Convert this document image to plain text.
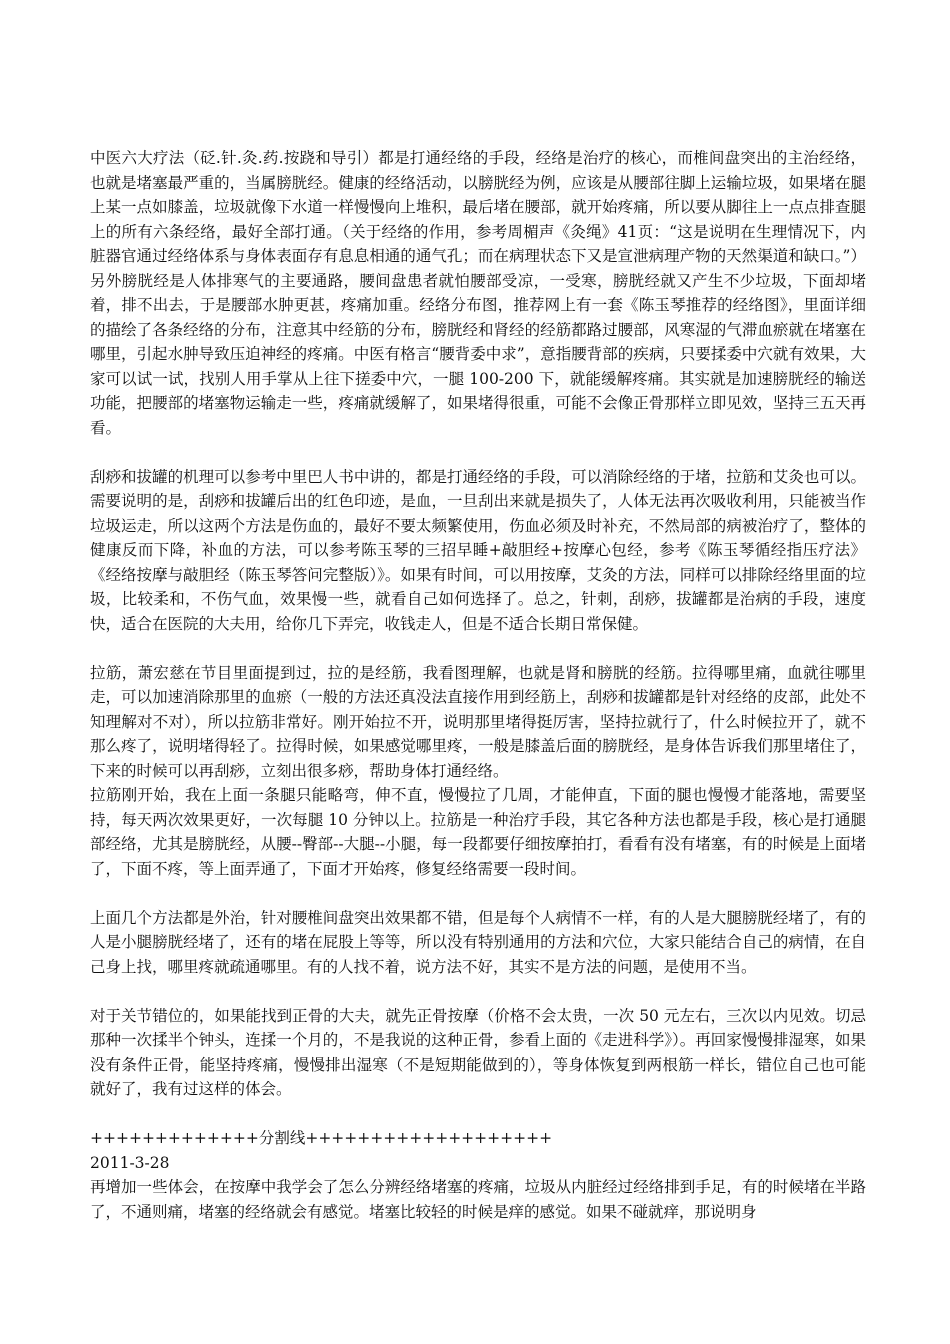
中医六大疗法（砭.针.灸.药.按跷和导引）都是打通经络的手段，经络是治疗的核心，而椎间盘突出的主治经络，也就是堵塞最严重的，当属膀胱经。健康的经络活动，以膀胱经为例，应该是从腰部往脚上运输垃圾，如果堵在腿上某一点如膝盖，垃圾就像下水道一样慢慢向上堆积，最后堵在腰部，就开始疼痛，所以要从脚往上一点点排查腿上的所有六条经络，最好全部打通。（关于经络的作用，参考周楣声《灸绳》41页：“这是说明在生理情况下，内脏器官通过经络体系与身体表面存有息息相通的通气孔；而在病理状态下又是宣泄病理产物的天然渠道和缺口。”）另外膀胱经是人体排寒气的主要通路，腰间盘患者就怕腰部受凉，一受寒，膀胱经就又产生不少垃圾，下面却堵着，排不出去，于是腰部水肿更甚，疼痛加重。经络分布图，推荐网上有一套《陈玉琴推荐的经络图》，里面详细的描绘了各条经络的分布，注意其中经筋的分布，膀胱经和肾经的经筋都路过腰部，风寒湿的气滞血瘀就在堵塞在哪里，引起水肿导致压迫神经的疼痛。中医有格言“腰背委中求”，意指腰背部的疾病，只要揉委中穴就有效果，大家可以试一试，找别人用手掌从上往下搓委中穴，一腿 100-200 下，就能缓解疼痛。其实就是加速膀胱经的输送功能，把腰部的堵塞物运输走一些，疼痛就缓解了，如果堵得很重，可能不会像正骨那样立即见效，坚持三五天再看。

刮痧和拔罐的机理可以参考中里巴人书中讲的，都是打通经络的手段，可以消除经络的于堵，拉筋和艾灸也可以。需要说明的是，刮痧和拔罐后出的红色印迹，是血，一旦刮出来就是损失了，人体无法再次吸收利用，只能被当作垃圾运走，所以这两个方法是伤血的，最好不要太频繁使用，伤血必须及时补充，不然局部的病被治疗了，整体的健康反而下降，补血的方法，可以参考陈玉琴的三招早睡+敲胆经+按摩心包经，参考《陈玉琴循经指压疗法》《经络按摩与敲胆经（陈玉琴答问完整版）》。如果有时间，可以用按摩，艾灸的方法，同样可以排除经络里面的垃圾，比较柔和，不伤气血，效果慢一些，就看自己如何选择了。总之，针刺，刮痧，拔罐都是治病的手段，速度快，适合在医院的大夫用，给你几下弄完，收钱走人，但是不适合长期日常保健。

拉筋，萧宏慈在节目里面提到过，拉的是经筋，我看图理解，也就是肾和膀胱的经筋。拉得哪里痛，血就往哪里走，可以加速消除那里的血瘀（一般的方法还真没法直接作用到经筋上，刮痧和拔罐都是针对经络的皮部，此处不知理解对不对），所以拉筋非常好。刚开始拉不开，说明那里堵得挺厉害，坚持拉就行了，什么时候拉开了，就不那么疼了，说明堵得轻了。拉得时候，如果感觉哪里疼，一般是膝盖后面的膀胱经，是身体告诉我们那里堵住了，下来的时候可以再刮痧，立刻出很多痧，帮助身体打通经络。

拉筋刚开始，我在上面一条腿只能略弯，伸不直，慢慢拉了几周，才能伸直，下面的腿也慢慢才能落地，需要坚持，每天两次效果更好，一次每腿 10 分钟以上。拉筋是一种治疗手段，其它各种方法也都是手段，核心是打通腿部经络，尤其是膀胱经，从腰--臀部--大腿--小腿，每一段都要仔细按摩拍打，看看有没有堵塞，有的时候是上面堵了，下面不疼，等上面弄通了，下面才开始疼，修复经络需要一段时间。

上面几个方法都是外治，针对腰椎间盘突出效果都不错，但是每个人病情不一样，有的人是大腿膀胱经堵了，有的人是小腿膀胱经堵了，还有的堵在屁股上等等，所以没有特别通用的方法和穴位，大家只能结合自己的病情，在自己身上找，哪里疼就疏通哪里。有的人找不着，说方法不好，其实不是方法的问题，是使用不当。

对于关节错位的，如果能找到正骨的大夫，就先正骨按摩（价格不会太贵，一次 50 元左右，三次以内见效。切忌那种一次揉半个钟头，连揉一个月的，不是我说的这种正骨，参看上面的《走进科学》）。再回家慢慢排湿寒，如果没有条件正骨，能坚持疼痛，慢慢排出湿寒（不是短期能做到的），等身体恢复到两根筋一样长，错位自己也可能就好了，我有过这样的体会。

+++++++++++++分割线+++++++++++++++++++

2011-3-28

再增加一些体会，在按摩中我学会了怎么分辨经络堵塞的疼痛，垃圾从内脏经过经络排到手足，有的时候堵在半路了，不通则痛，堵塞的经络就会有感觉。堵塞比较轻的时候是痒的感觉。如果不碰就痒，那说明身
